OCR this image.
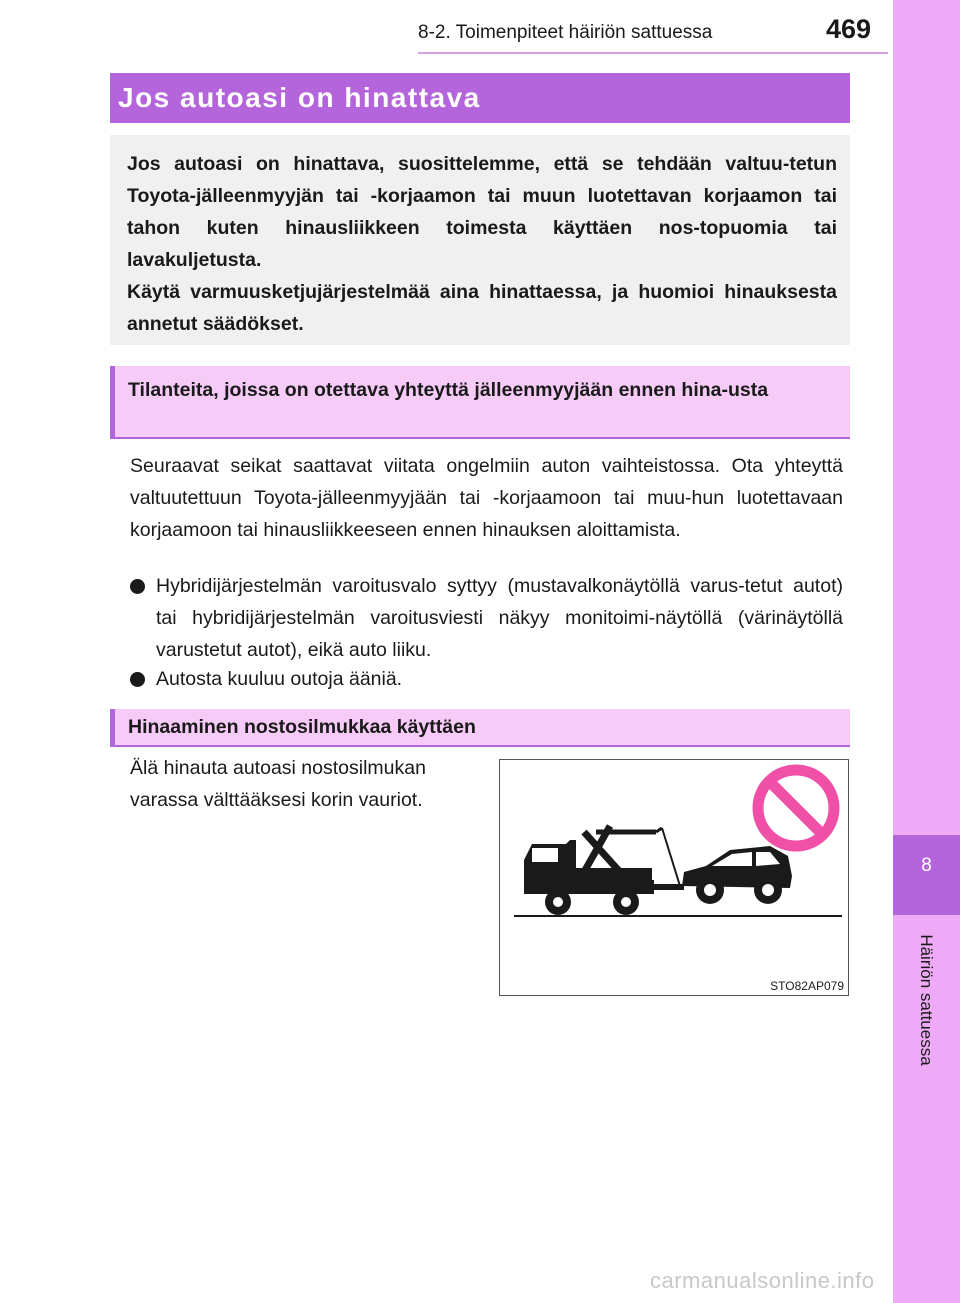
8-2. Toimenpiteet häiriön sattuessa	469
8
Häiriön sattuessa
Jos autoasi on hinattava

Jos autoasi on hinattava, suosittelemme, että se tehdään valtuu-tetun Toyota-jälleenmyyjän tai -korjaamon tai muun luotettavan korjaamon tai tahon kuten hinausliikkeen toimesta käyttäen nos-topuomia tai lavakuljetusta.

Käytä varmuusketjujärjestelmää aina hinattaessa, ja huomioi hinauksesta annetut säädökset.

Tilanteita, joissa on otettava yhteyttä jälleenmyyjään ennen hina-usta
Seuraavat seikat saattavat viitata ongelmiin auton vaihteistossa. Ota yhteyttä valtuutettuun Toyota-jälleenmyyjään tai -korjaamoon tai muu-hun luotettavaan korjaamoon tai hinausliikkeeseen ennen hinauksen aloittamista.
Hybridijärjestelmän varoitusvalo syttyy (mustavalkonäytöllä varus-tetut autot) tai hybridijärjestelmän varoitusviesti näkyy monitoimi-näytöllä (värinäytöllä varustetut autot), eikä auto liiku.
Autosta kuuluu outoja ääniä.
Hinaaminen nostosilmukkaa käyttäen
Älä hinauta autoasi nostosilmukan varassa välttääksesi korin vauriot.
STO82AP079
carmanualsonline.info
